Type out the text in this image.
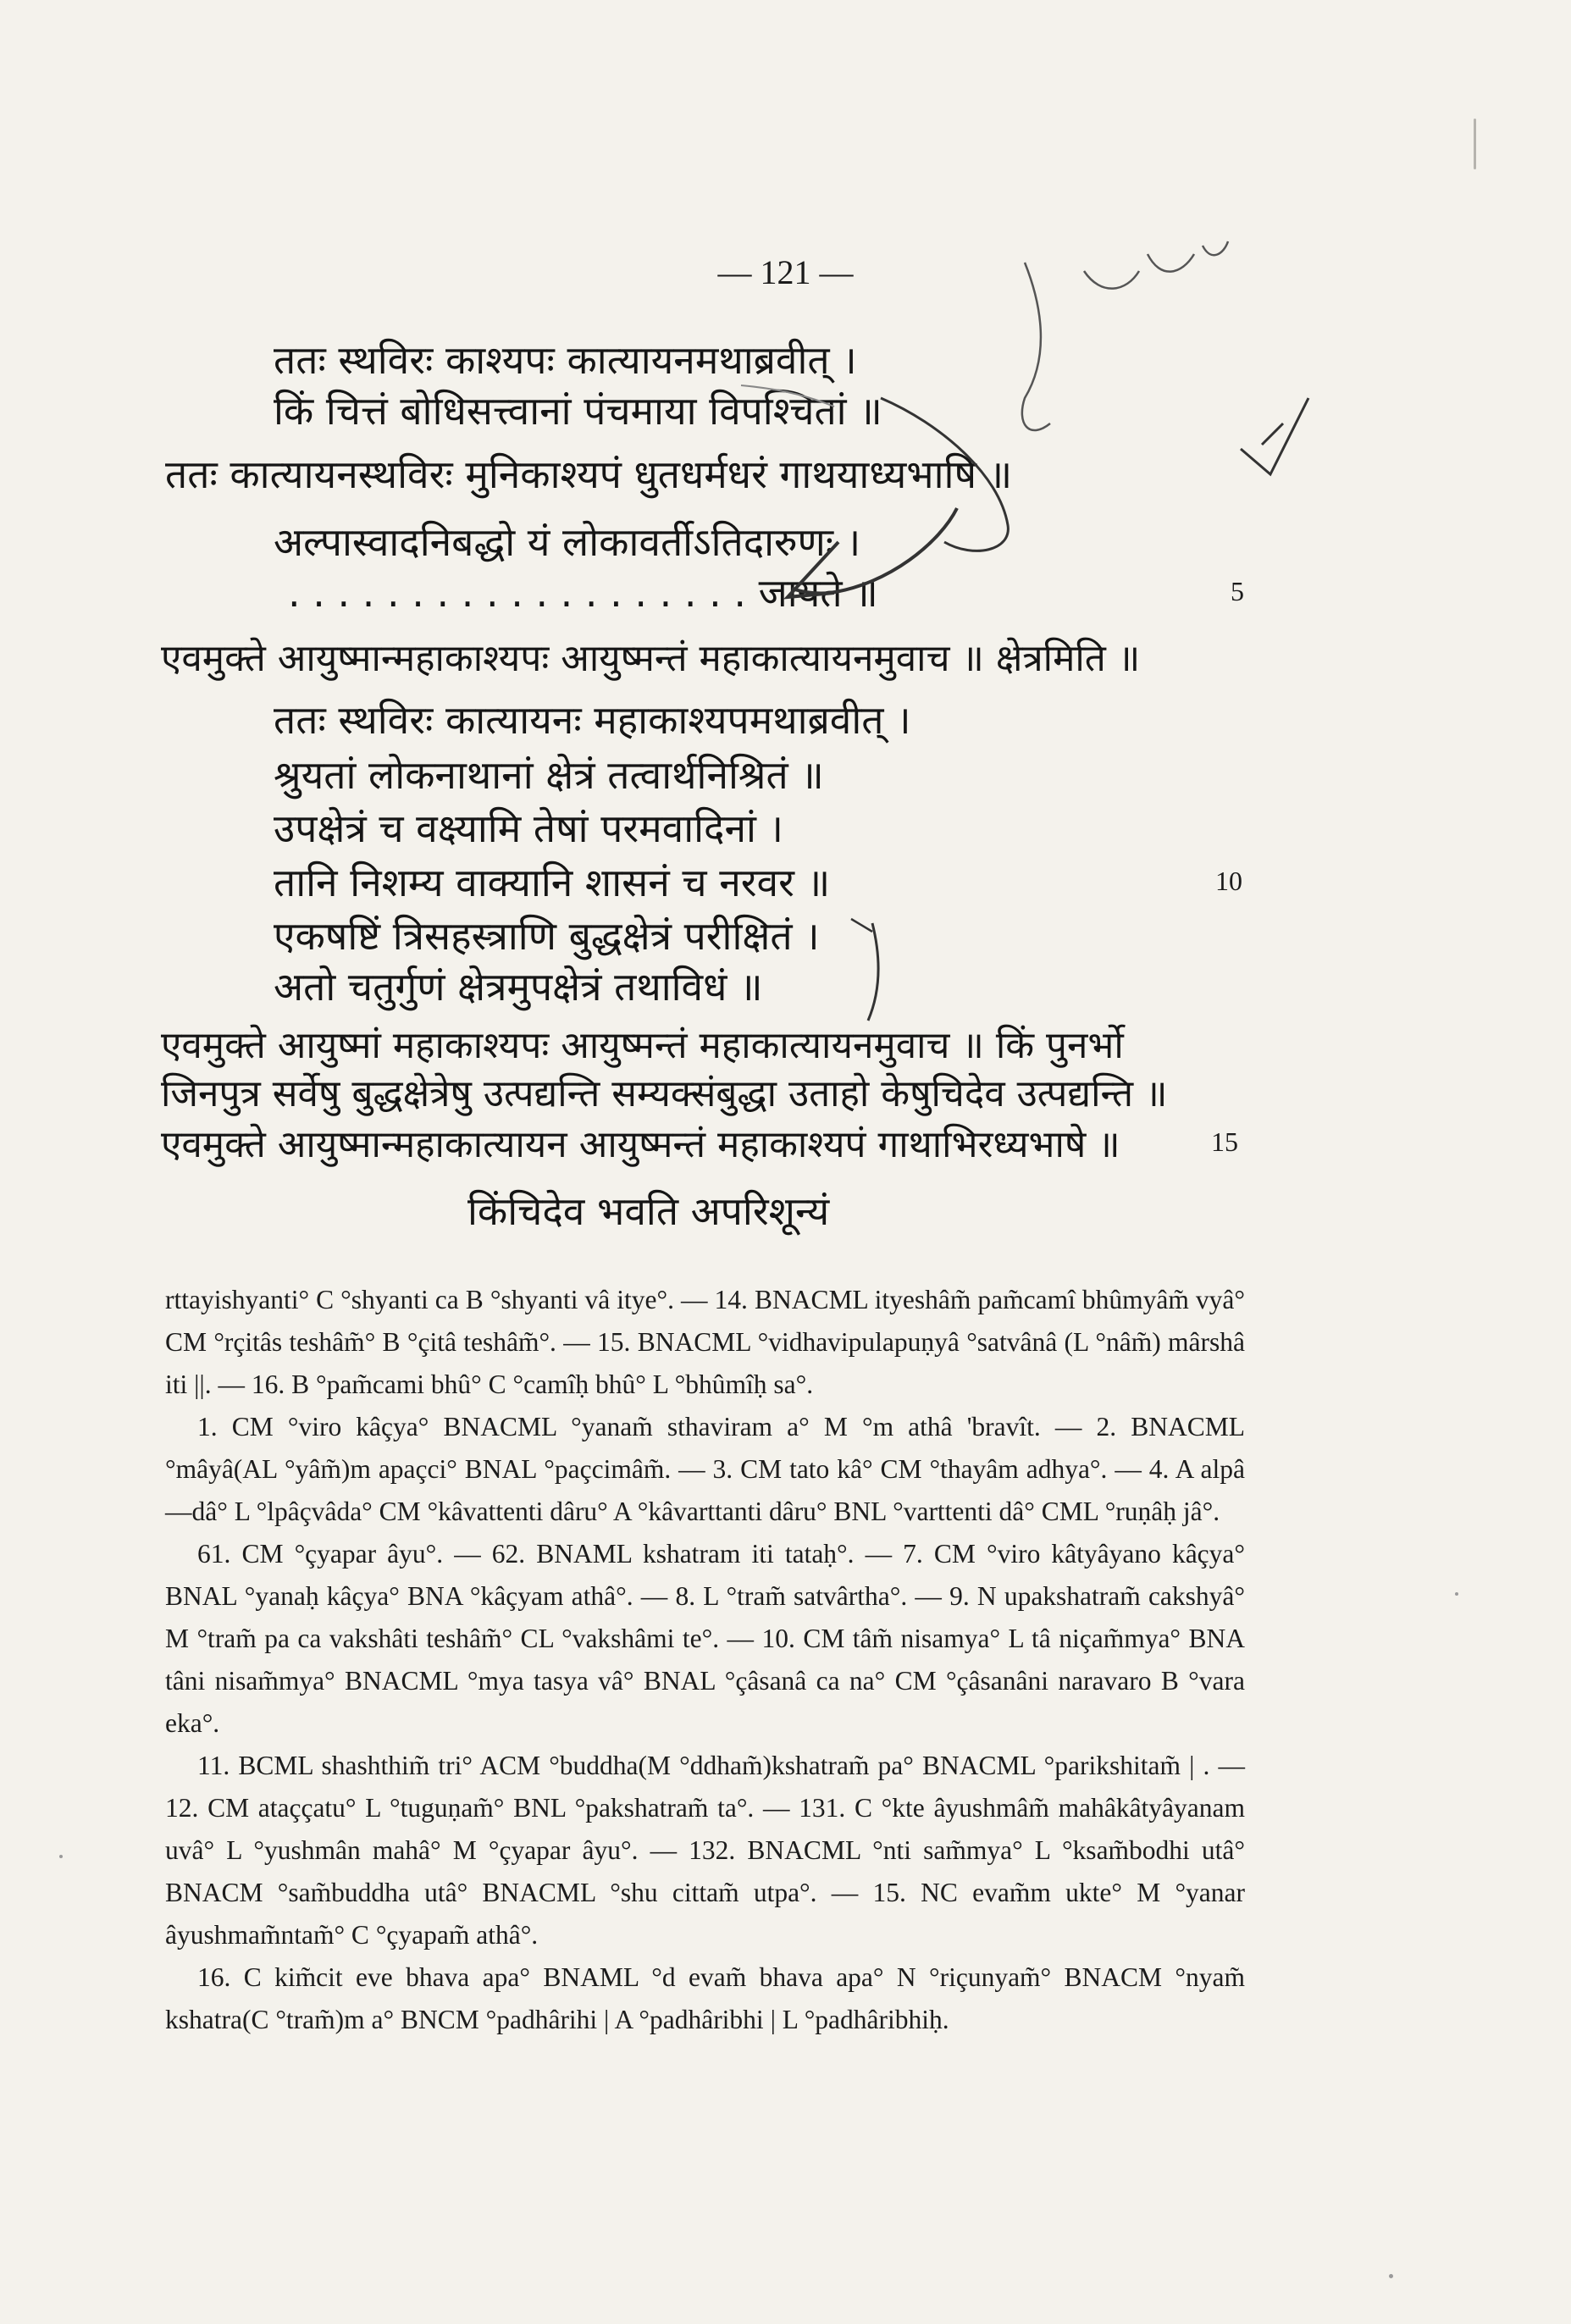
— 121 —
ततः स्थविरः काश्यपः कात्यायनमथाब्रवीत् ।
किं चित्तं बोधिसत्त्वानां पंचमाया विपश्चितां ॥
ततः कात्यायनस्थविरः मुनिकाश्यपं धुतधर्मधरं गाथयाध्यभाषि ॥
अल्पास्वादनिबद्धो यं लोकावर्तीऽतिदारुणः ।
. . . . . . . . . . . . . . . . . . . जायते ॥	5
एवमुक्ते आयुष्मान्महाकाश्यपः आयुष्मन्तं महाकात्यायनमुवाच ॥ क्षेत्रमिति ॥
ततः स्थविरः कात्यायनः महाकाश्यपमथाब्रवीत् ।
श्रुयतां लोकनाथानां क्षेत्रं तत्वार्थनिश्रितं ॥
उपक्षेत्रं च वक्ष्यामि तेषां परमवादिनां ।
तानि निशम्य वाक्यानि शासनं च नरवर ॥	10
एकषष्टिं त्रिसहस्त्राणि बुद्धक्षेत्रं परीक्षितं ।
अतो चतुर्गुणं क्षेत्रमुपक्षेत्रं तथाविधं ॥
एवमुक्ते आयुष्मां महाकाश्यपः आयुष्मन्तं महाकात्यायनमुवाच ॥ किं पुनर्भो
जिनपुत्र सर्वेषु बुद्धक्षेत्रेषु उत्पद्यन्ति सम्यक्संबुद्धा उताहो केषुचिदेव उत्पद्यन्ति ॥
एवमुक्ते आयुष्मान्महाकात्यायन आयुष्मन्तं महाकाश्यपं गाथाभिरध्यभाषे ॥	15
किंचिदेव भवति अपरिशून्यं

rttayishyanti° C °shyanti ca B °shyanti vâ itye°. — 14. BNACML ityeshâm̃ pam̃camî bhûmyâm̃ vyâ° CM °rçitâs teshâm̃° B °çitâ teshâm̃°. — 15. BNACML °vidhavipulapuṇyâ °satvânâ (L °nâm̃) mârshâ iti ||. — 16. B °pam̃cami bhû° C °camîḥ bhû° L °bhûmîḥ sa°.

1. CM °viro kâçya° BNACML °yanam̃ sthaviram a° M °m athâ 'bravît. — 2. BNACML °mâyâ(AL °yâm̃)m apaçci° BNAL °paçcimâm̃. — 3. CM tato kâ° CM °thayâm adhya°. — 4. A alpâ—dâ° L °lpâçvâda° CM °kâvattenti dâru° A °kâvarttanti dâru° BNL °varttenti dâ° CML °ruṇâḥ jâ°.

61. CM °çyapar âyu°. — 62. BNAML kshatram iti tataḥ°. — 7. CM °viro kâtyâyano kâçya° BNAL °yanaḥ kâçya° BNA °kâçyam athâ°. — 8. L °tram̃ satvârtha°. — 9. N upakshatram̃ cakshyâ° M °tram̃ pa ca vakshâti teshâm̃° CL °vakshâmi te°. — 10. CM tâm̃ nisamya° L tâ niçam̃mya° BNA tâni nisam̃mya° BNACML °mya tasya vâ° BNAL °çâsanâ ca na° CM °çâsanâni naravaro B °vara eka°.

11. BCML shashthim̃ tri° ACM °buddha(M °ddham̃)kshatram̃ pa° BNACML °parikshitam̃ | . — 12. CM ataççatu° L °tuguṇam̃° BNL °pakshatram̃ ta°. — 131. C °kte âyushmâm̃ mahâkâtyâyanam uvâ° L °yushmân mahâ° M °çyapar âyu°. — 132. BNACML °nti sam̃mya° L °ksam̃bodhi utâ° BNACM °sam̃buddha utâ° BNACML °shu cittam̃ utpa°. — 15. NC evam̃m ukte° M °yanar âyushmam̃ntam̃° C °çyapam̃ athâ°.

16. C kim̃cit eve bhava apa° BNAML °d evam̃ bhava apa° N °riçunyam̃° BNACM °nyam̃ kshatra(C °tram̃)m a° BNCM °padhârihi | A °padhâribhi | L °padhâribhiḥ.
